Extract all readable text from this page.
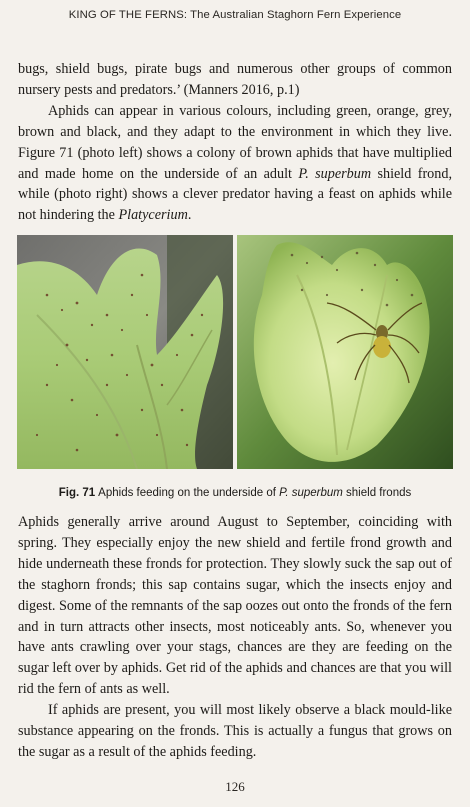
KING OF THE FERNS: The Australian Staghorn Fern Experience

bugs, shield bugs, pirate bugs and numerous other groups of common nursery pests and predators.’ (Manners 2016, p.1)

Aphids can appear in various colours, including green, orange, grey, brown and black, and they adapt to the environment in which they live. Figure 71 (photo left) shows a colony of brown aphids that have multiplied and made home on the underside of an adult P. superbum shield frond, while (photo right) shows a clever predator having a feast on aphids while not hindering the Platycerium.

Fig. 71 Aphids feeding on the underside of P. superbum shield fronds

Aphids generally arrive around August to September, coinciding with spring. They especially enjoy the new shield and fertile frond growth and hide underneath these fronds for protection. They slowly suck the sap out of the staghorn fronds; this sap contains sugar, which the insects enjoy and digest. Some of the remnants of the sap oozes out onto the fronds of the fern and in turn attracts other insects, most noticeably ants. So, whenever you have ants crawling over your stags, chances are they are feeding on the sugar left over by aphids. Get rid of the aphids and chances are that you will rid the fern of ants as well.

If aphids are present, you will most likely observe a black mould-like substance appearing on the fronds. This is actually a fungus that grows on the sugar as a result of the aphids feeding.

126
